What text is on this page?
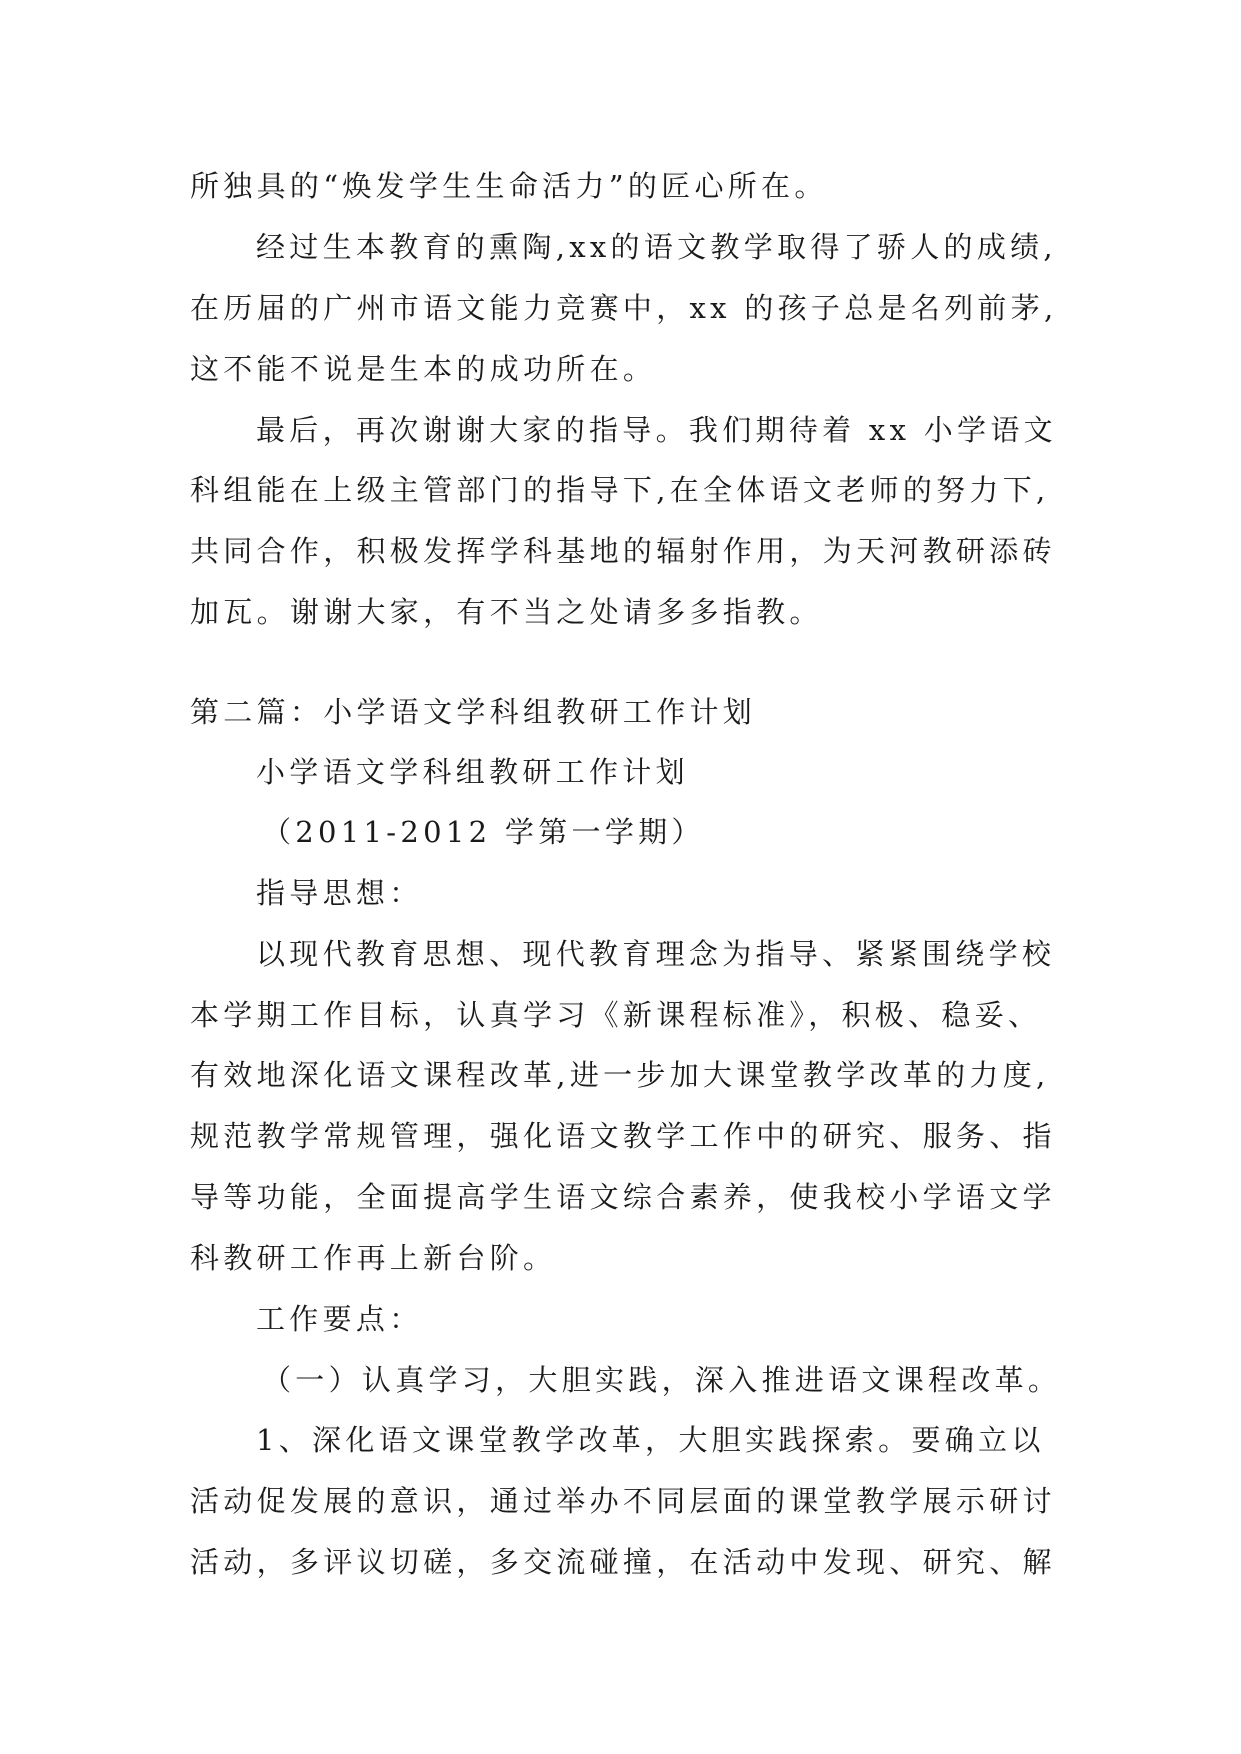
所独具的“焕发学生生命活力”的匠心所在。
经过生本教育的熏陶,xx的语文教学取得了骄人的成绩,
在历届的广州市语文能力竞赛中，xx 的孩子总是名列前茅,
这不能不说是生本的成功所在。
最后，再次谢谢大家的指导。我们期待着 xx 小学语文
科组能在上级主管部门的指导下,在全体语文老师的努力下,
共同合作，积极发挥学科基地的辐射作用，为天河教研添砖
加瓦。谢谢大家，有不当之处请多多指教。
第二篇：小学语文学科组教研工作计划
小学语文学科组教研工作计划
（2011-2012 学第一学期）
指导思想：
以现代教育思想、现代教育理念为指导、紧紧围绕学校
本学期工作目标，认真学习《新课程标准》，积极、稳妥、
有效地深化语文课程改革,进一步加大课堂教学改革的力度,
规范教学常规管理，强化语文教学工作中的研究、服务、指
导等功能，全面提高学生语文综合素养，使我校小学语文学
科教研工作再上新台阶。
工作要点：
（一）认真学习，大胆实践，深入推进语文课程改革。
1、深化语文课堂教学改革，大胆实践探索。要确立以
活动促发展的意识，通过举办不同层面的课堂教学展示研讨
活动，多评议切磋，多交流碰撞，在活动中发现、研究、解
